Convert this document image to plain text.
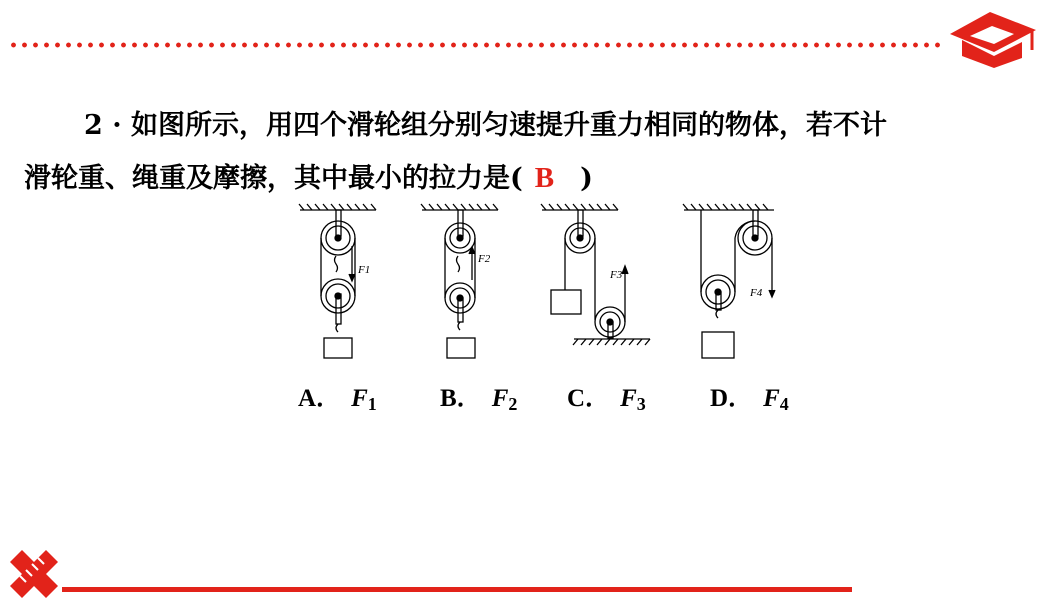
2 · 如图所示，用四个滑轮组分别匀速提升重力相同的物体，若不计
滑轮重、绳重及摩擦，其中最小的拉力是( B )
F1
F2
F3
F4
A． $F_1$	B． $F_2$ C． $F_3$	D． $F_4$
